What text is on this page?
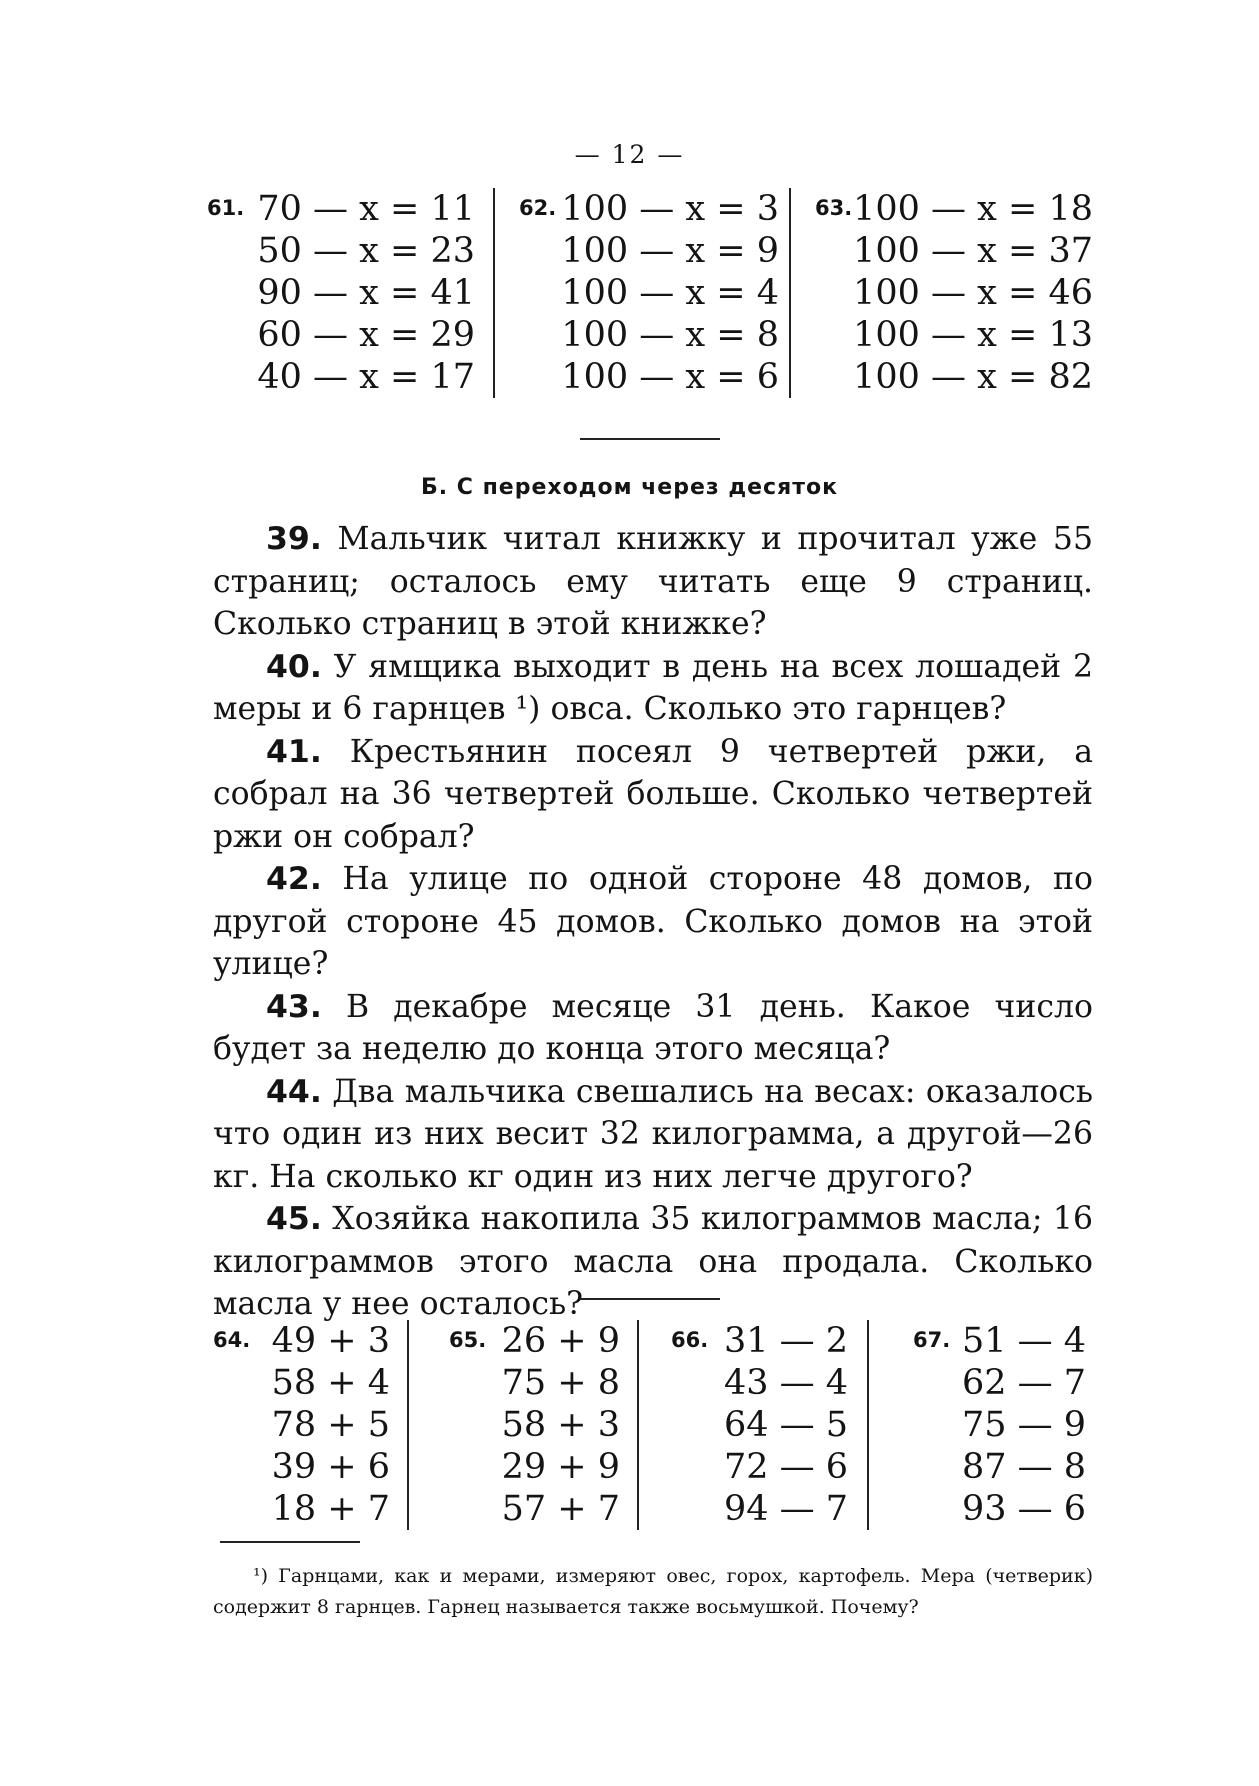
— 12 —
61. 70 — x = 11
50 — x = 23
90 — x = 41
60 — x = 29
40 — x = 17
62. 100 — x = 3
100 — x = 9
100 — x = 4
100 — x = 8
100 — x = 6
63. 100 — x = 18
100 — x = 37
100 — x = 46
100 — x = 13
100 — x = 82
Б. С переходом через десяток

39. Мальчик читал книжку и прочитал уже 55 страниц; осталось ему читать еще 9 страниц. Сколько страниц в этой книжке?

40. У ямщика выходит в день на всех лошадей 2 меры и 6 гарнцев ¹) овса. Сколько это гарнцев?

41. Крестьянин посеял 9 четвертей ржи, а собрал на 36 четвертей больше. Сколько четвертей ржи он собрал?

42. На улице по одной стороне 48 домов, по другой стороне 45 домов. Сколько домов на этой улице?

43. В декабре месяце 31 день. Какое число будет за неделю до конца этого месяца?

44. Два мальчика свешались на весах: оказалось что один из них весит 32 килограмма, а другой—26 кг. На сколько кг один из них легче другого?

45. Хозяйка накопила 35 килограммов масла; 16 килограммов этого масла она продала. Сколько масла у нее осталось?

64. 49 + 3
58 + 4
78 + 5
39 + 6
18 + 7
65. 26 + 9
75 + 8
58 + 3
29 + 9
57 + 7
66. 31 — 2
43 — 4
64 — 5
72 — 6
94 — 7
67. 51 — 4
62 — 7
75 — 9
87 — 8
93 — 6
¹) Гарнцами, как и мерами, измеряют овес, горох, картофель. Мера (четверик) содержит 8 гарнцев. Гарнец называется также восьмушкой. Почему?
